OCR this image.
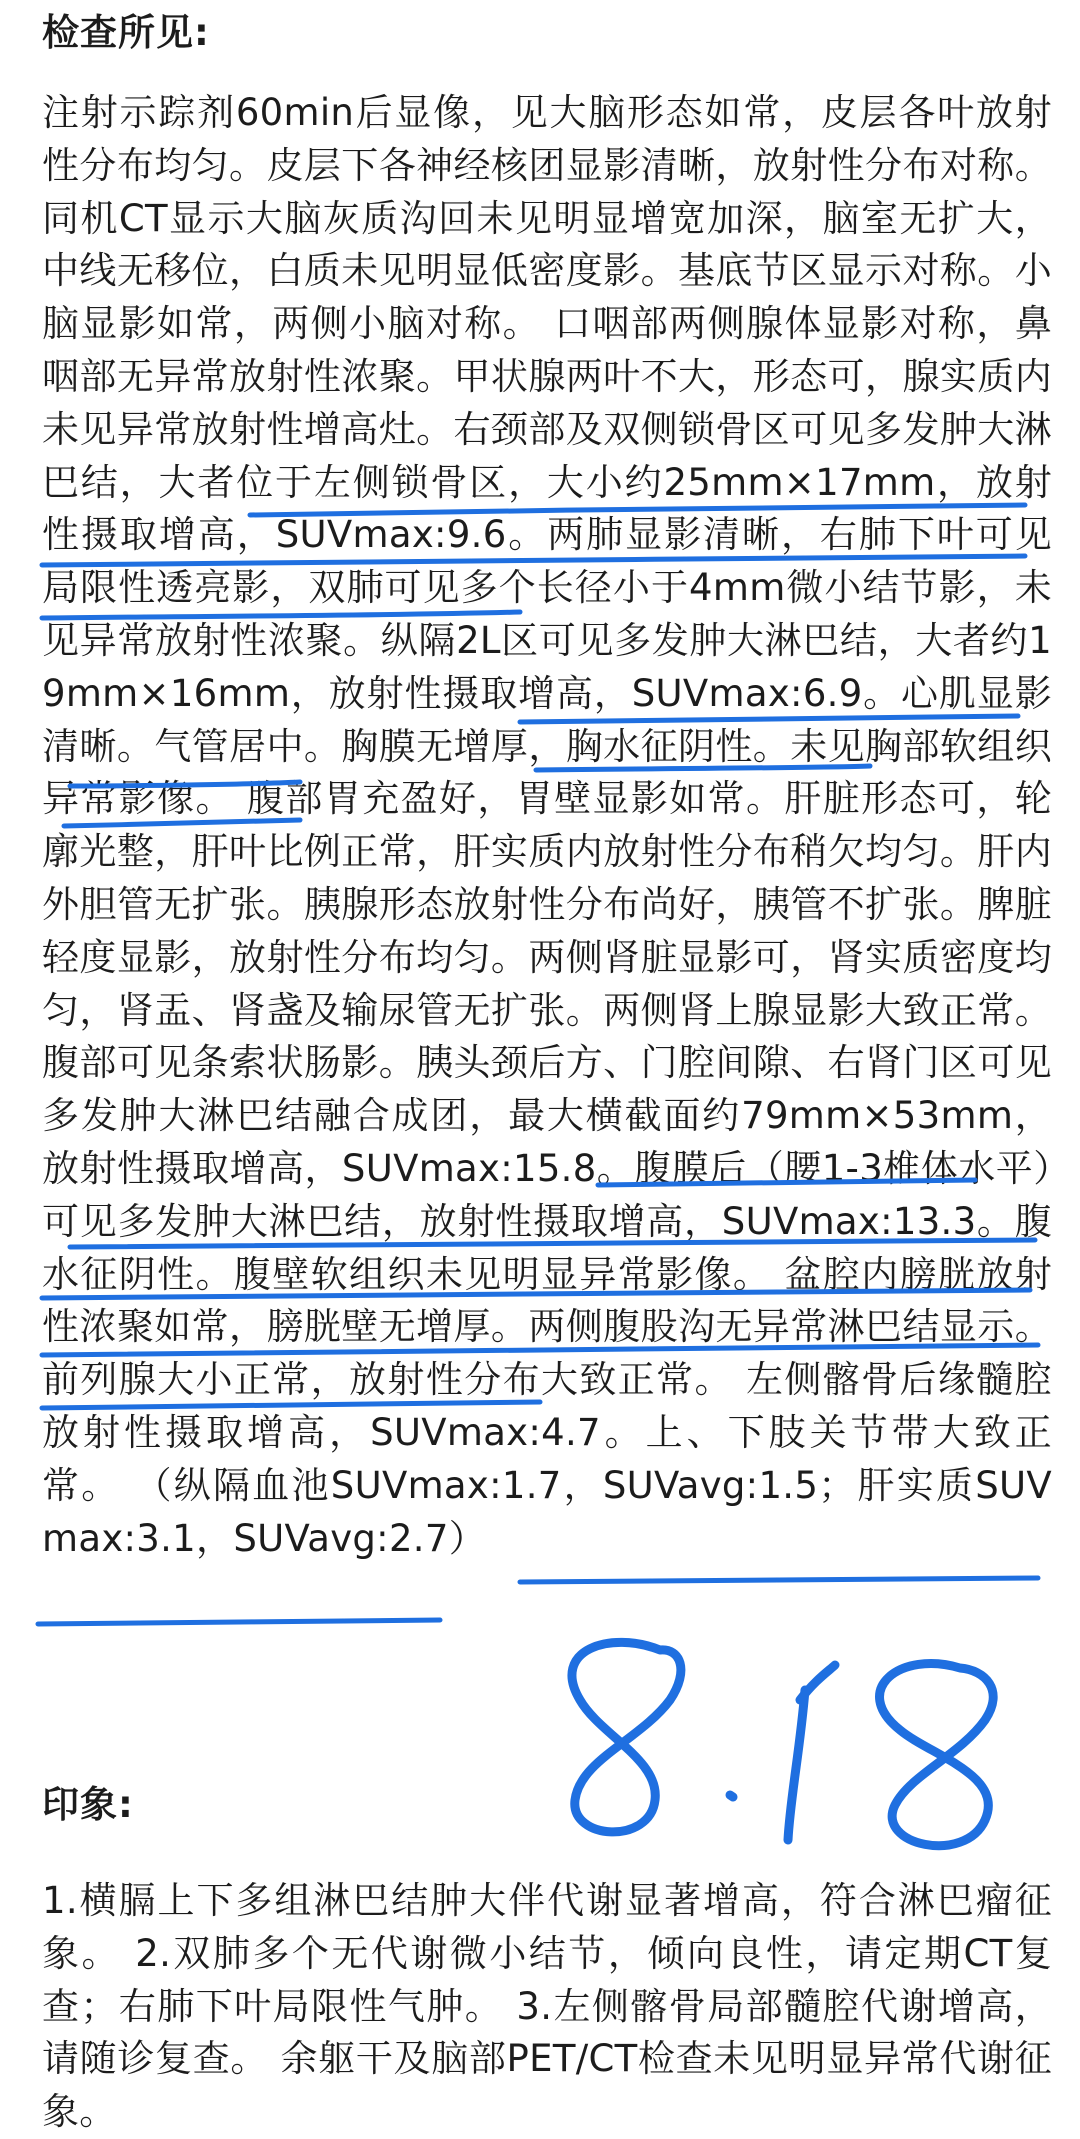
检查所见:

注射示踪剂60min后显像，见大脑形态如常，皮层各叶放射性分布均匀。皮层下各神经核团显影清晰，放射性分布对称。同机CT显示大脑灰质沟回未见明显增宽加深，脑室无扩大，中线无移位，白质未见明显低密度影。基底节区显示对称。小脑显影如常，两侧小脑对称。 口咽部两侧腺体显影对称，鼻咽部无异常放射性浓聚。甲状腺两叶不大，形态可，腺实质内未见异常放射性增高灶。右颈部及双侧锁骨区可见多发肿大淋巴结，大者位于左侧锁骨区，大小约25mm×17mm，放射性摄取增高，SUVmax:9.6。两肺显影清晰，右肺下叶可见局限性透亮影，双肺可见多个长径小于4mm微小结节影，未见异常放射性浓聚。纵隔2L区可见多发肿大淋巴结，大者约19mm×16mm，放射性摄取增高，SUVmax:6.9。心肌显影清晰。气管居中。胸膜无增厚，胸水征阴性。未见胸部软组织异常影像。 腹部胃充盈好，胃壁显影如常。肝脏形态可，轮廓光整，肝叶比例正常，肝实质内放射性分布稍欠均匀。肝内外胆管无扩张。胰腺形态放射性分布尚好，胰管不扩张。脾脏轻度显影，放射性分布均匀。两侧肾脏显影可，肾实质密度均匀，肾盂、肾盏及输尿管无扩张。两侧肾上腺显影大致正常。腹部可见条索状肠影。胰头颈后方、门腔间隙、右肾门区可见多发肿大淋巴结融合成团，最大横截面约79mm×53mm，放射性摄取增高，SUVmax:15.8。腹膜后（腰1-3椎体水平）可见多发肿大淋巴结，放射性摄取增高，SUVmax:13.3。腹水征阴性。腹壁软组织未见明显异常影像。 盆腔内膀胱放射性浓聚如常，膀胱壁无增厚。两侧腹股沟无异常淋巴结显示。前列腺大小正常，放射性分布大致正常。 左侧髂骨后缘髓腔放射性摄取增高，SUVmax:4.7。上、下肢关节带大致正常。 （纵隔血池SUVmax:1.7，SUVavg:1.5；肝实质SUVmax:3.1，SUVavg:2.7）

印象:

1.横膈上下多组淋巴结肿大伴代谢显著增高，符合淋巴瘤征象。 2.双肺多个无代谢微小结节，倾向良性，请定期CT复查；右肺下叶局限性气肿。 3.左侧髂骨局部髓腔代谢增高，请随诊复查。 余躯干及脑部PET/CT检查未见明显异常代谢征象。
